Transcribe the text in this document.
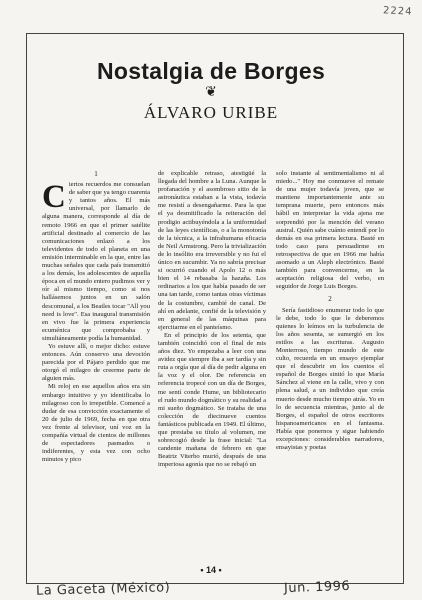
2224
Nostalgia de Borges
❦
ÁLVARO URIBE
1

Ciertos recuerdos me consuelan de saber que ya tengo cuarenta y tantos años. El más universal, por llamarlo de alguna manera, corresponde al día de remoto 1966 en que el primer satélite artificial destinado al comercio de las comunicaciones enlazó a los televidentes de todo el planeta en una emisión interminable en la que, entre las muchas señales que cada país transmitió a los demás, los adolescentes de aquella época en el mundo entero pudimos ver y oír al mismo tiempo, como si nos hallásemos juntos en un salón descomunal, a los Beatles tocar "All you need is love". Esa inaugural transmisión en vivo fue la primera experiencia ecuménica que comprobaba y simultáneamente podía la humanidad.

Yo estuve allí, o mejor dicho: estuve entonces. Aún conservo una devoción parecida por el Pájaro perdido que me otorgó el milagro de creerme parte de alguien más.

Mi reloj en ese aquellos años era sin embargo intuitivo y yo identificaba lo milagroso con lo irrepetible. Comencé a dudar de esa convicción exactamente el 20 de julio de 1969, fecha en que otra vez frente al televisor, uní voz en la compañía virtual de cientos de millones de espectadores pasmados o indiferentes, y esta vez con ocho minutos y pico

de explicable retraso, atestigüé la llegada del hombre a la Luna. Aunque la profanación y el asombroso sitio de la astronáutica estaban a la vista, todavía me resistí a desengañarme. Para la que el ya desmitificado la reiteración del prodigio actibuyéndola a la uniformidad de las leyes científicas, o a la monotonía de la técnica, a la infrahumana eficacia de Neil Armstrong. Pero la trivialización de lo insólito era irreversible y no fui el único en sucumbir. Ya no sabría precisar si ocurrió cuando el Apolo 12 o más bien el 14 rebasaba la hazaña. Los ordinarios a los que había pasado de ser una tan tarde, como tantas otras víctimas de la costumbre, cambié de canal. De ahí en adelante, confié de la televisión y en general de las máquinas para ejercitarme en el panteísmo.

En el principio de los setenta, que también coincidió con el final de mis años diez. Yo empezaba a leer con una avidez que siempre iba a ser tardía y sin ruta a orgía que al día de pedir alguna en la voz y el olor. De referencia en referencia tropecé con un día de Borges, me sentí conde Hume, un bibliotecario el rudo mundo dogmático y su realidad a mi sueño dogmático. Se trataba de una colección de diecinueve cuentos fantásticos publicada en 1949. El último, que prestaba su título al volumen, me sobrecogió desde la frase inicial: "La candente mañana de febrero en que Beatriz Viterbo murió, después de una imperiosa agonía que no se rebajó un

solo instante al sentimentalismo ni al miedo..." Hoy me conmueve el remate de una mujer todavía joven, que se mantiene importantemente ante su temprana muerte, pero entonces más hábil en interpretar la vida ajena me sorprendió por la mención del verano austral. Quién sabe cuánto entendí por lo demás en esa primera lectura. Basté en todo caso para persuadirme en retrospectiva de que en 1966 me había asomado a un Aleph electrónico. Basté también para convencerme, en la aceptación religiosa del verbo, en seguidor de Jorge Luis Borges.

2

Sería fastidioso enumerar todo lo que le debe, todo lo que le deberemos quienes lo leímos en la turbulencia de los años sesenta, se sumergió en los estilos a las escrituras. Augusto Monterroso, tiempo mundo de este culto, recuerda en un ensayo ejemplar que el descubrir en los cuentos el español de Borges sintió lo que María Sánchez al viene en la calle, vivo y con plena salud, a un individuo que creía muerto desde mucho tiempo atrás. Yo en lo de secuencia mientras, junto al de Borges, el español de otros escritores hispanoamericanos en el fantasma. Había que ponernos y sigue habiendo excepciones: considerables narradores, ensayistas y poetas

• 14 •
La Gaceta (México)	Jun. 1996
